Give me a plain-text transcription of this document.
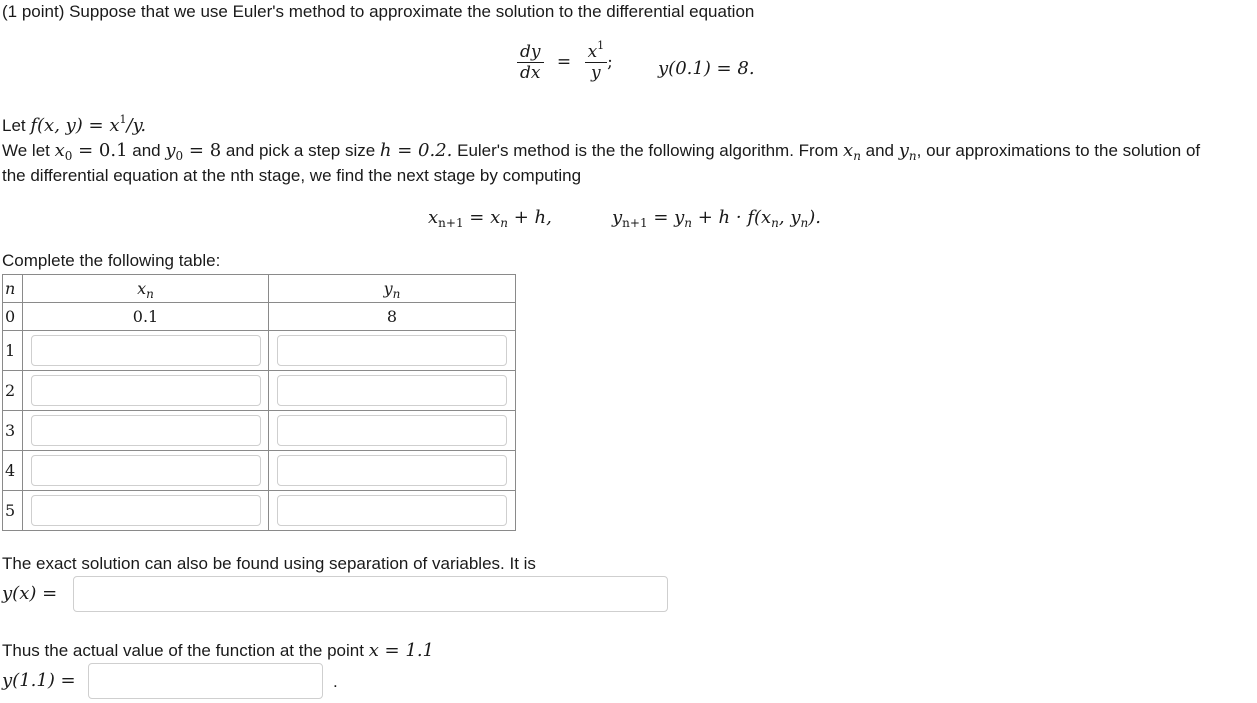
(1 point) Suppose that we use Euler's method to approximate the solution to the differential equation
$\frac{dy}{dx} = \frac{x^1}{y}$ ;	y(0.1) = 8.
Let f(x, $y) = x^1/y$.
We let $x_0 = 0.1$ and $y_0 = 8$ and pick a step size h = 0.2. Euler's method is the the following algorithm. From $x_n$ and $y_n$, our approximations to the solution of
the differential equation at the nth stage, we find the next stage by computing
$x_{n+1} = x_n + h$,	$y_{n+1} = y_n + h \cdot f(x_n$, $y_n$).
Complete the following table:
n	$x_n$	$y_n$
0	0.1	8
1	

2	

3	

4	

5	

The exact solution can also be found using separation of variables. It is
y(x) =
Thus the actual value of the function at the point x = 1.1
y(1.1) =	.
